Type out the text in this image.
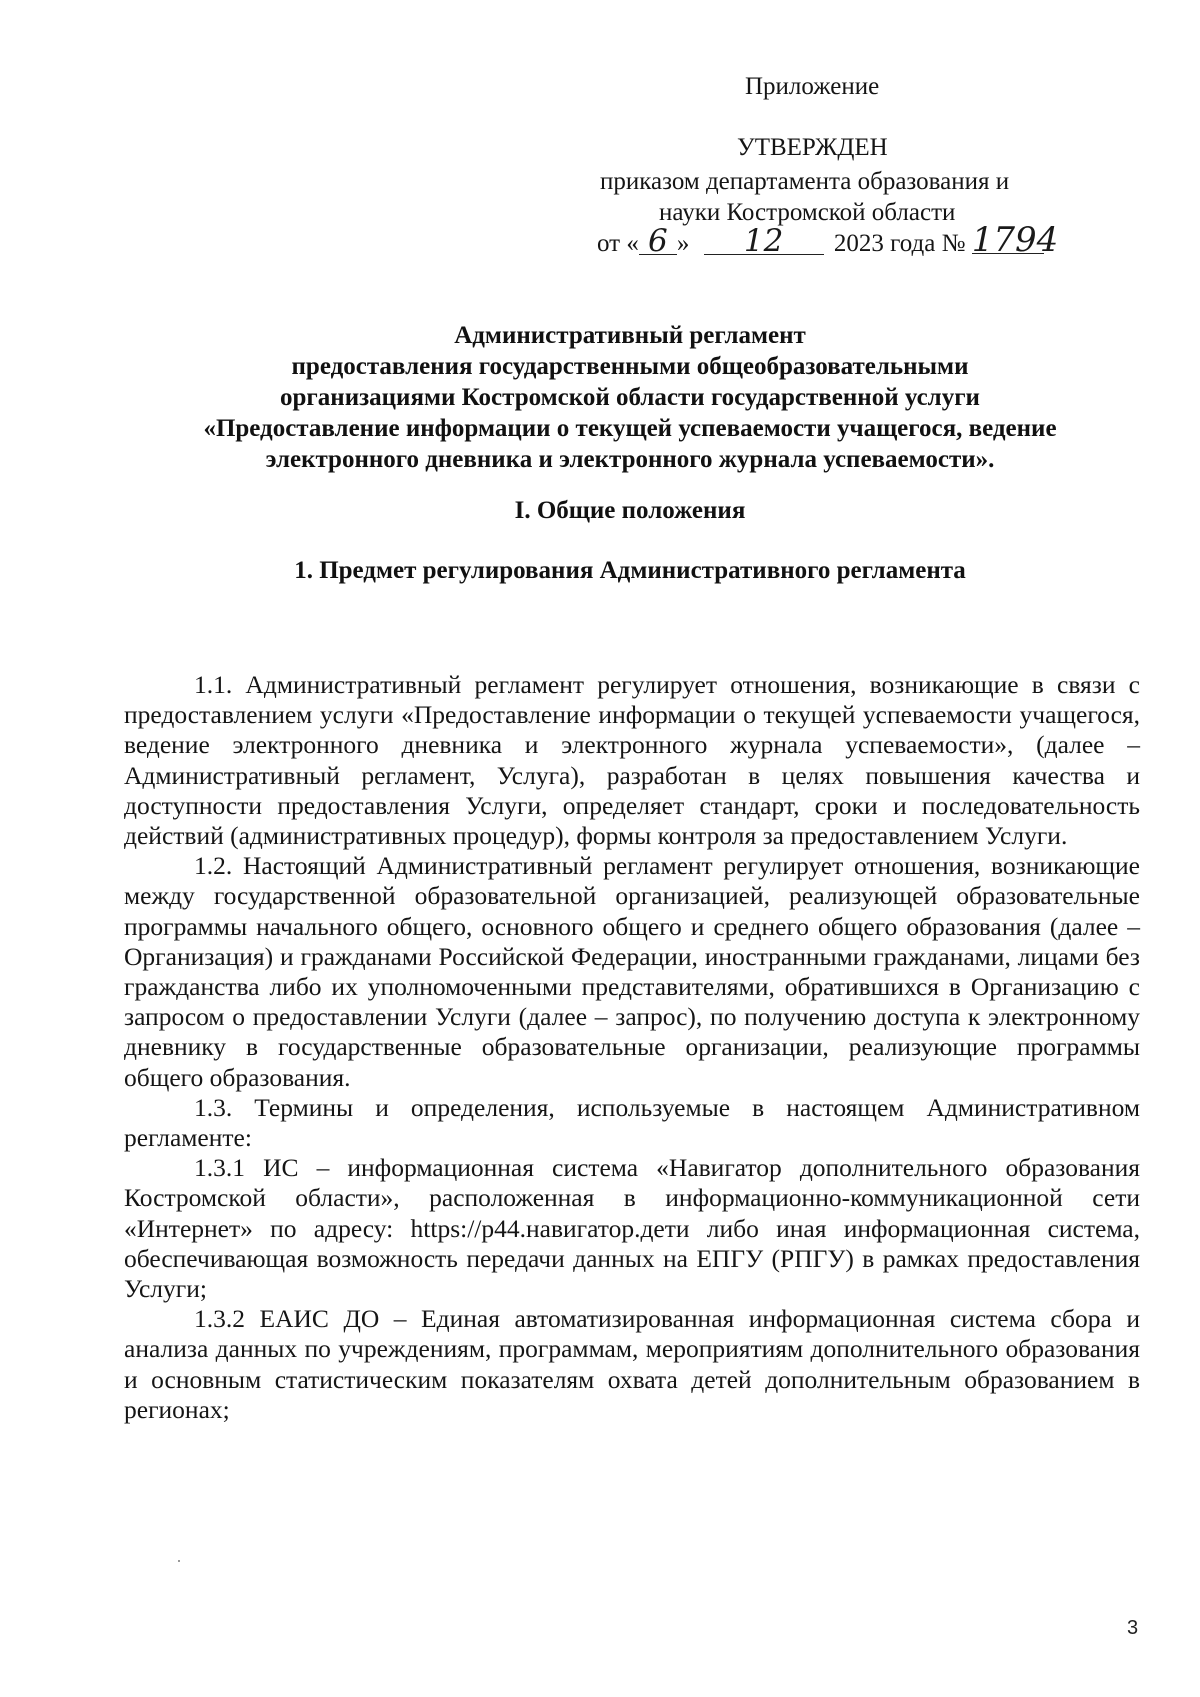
Приложение
УТВЕРЖДЕН
приказом департамента образования и
науки Костромской области
от « 6 » 12 2023 года № 1794
Административный регламент
предоставления государственными общеобразовательными
организациями Костромской области государственной услуги
«Предоставление информации о текущей успеваемости учащегося, ведение
электронного дневника и электронного журнала успеваемости».
I. Общие положения
1. Предмет регулирования Административного регламента

1.1. Административный регламент регулирует отношения, возникающие в связи с предоставлением услуги «Предоставление информации о текущей успеваемости учащегося, ведение электронного дневника и электронного журнала успеваемости», (далее – Административный регламент, Услуга), разработан в целях повышения качества и доступности предоставления Услуги, определяет стандарт, сроки и последовательность действий (административных процедур), формы контроля за предоставлением Услуги.

1.2. Настоящий Административный регламент регулирует отношения, возникающие между государственной образовательной организацией, реализующей образовательные программы начального общего, основного общего и среднего общего образования (далее – Организация) и гражданами Российской Федерации, иностранными гражданами, лицами без гражданства либо их уполномоченными представителями, обратившихся в Организацию с запросом о предоставлении Услуги (далее – запрос), по получению доступа к электронному дневнику в государственные образовательные организации, реализующие программы общего образования.

1.3. Термины и определения, используемые в настоящем Административном регламенте:

1.3.1 ИС – информационная система «Навигатор дополнительного образования Костромской области», расположенная в информационно-коммуникационной сети «Интернет» по адресу: https://р44.навигатор.дети либо иная информационная система, обеспечивающая возможность передачи данных на ЕПГУ (РПГУ) в рамках предоставления Услуги;

1.3.2 ЕАИС ДО – Единая автоматизированная информационная система сбора и анализа данных по учреждениям, программам, мероприятиям дополнительного образования и основным статистическим показателям охвата детей дополнительным образованием в регионах;

3
